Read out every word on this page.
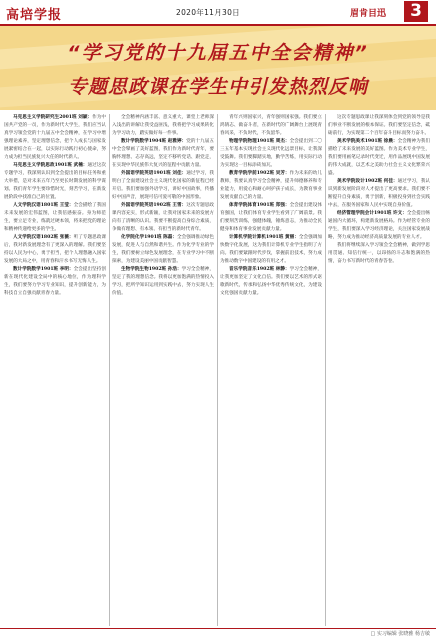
高培学报	2020年11月30日	眉肯目迅	3
“学习党的十九届五中全会精神”
专题思政课在学生中引发热烈反响

马克思主义学院研究生2001班 刘颖：作为中国共产党的一员，作为新时代大学生，我们应当认真学习领会党的十九届五中全会精神，在学习中增强理论素养，坚定理想信念，把个人成长与国家发展紧密结合在一起，以实际行动践行初心使命，努力成为担当民族复兴大任的时代新人。

马克思主义学院思政1901班 武楠：通过这次专题学习，我深刻认识到全会提出的目标任务和重大举措，是对未来五年乃至更长时期发展的科学谋划。我们青年学生要珍惜时光，刻苦学习，在新发展阶段中找准自己的位置。

人文学院汉语1801班 王莹：全会描绘了我国未来发展的宏伟蓝图，让我倍感振奋。身为师范生，要立足专业，练就过硬本领，将来把党的理论和精神传递给更多的学生。

人文学院汉语1802班 张薇：听了专题思政课后，我对新发展理念有了更深入的理解。我们要坚持以人民为中心，勇于担当，把个人理想融入国家发展的大局之中，用青春和汗水书写无悔人生。

数计学院数学1901班 李明：全会提出坚持创新在现代化建设全局中的核心地位，作为理科学生，我们要努力学习专业知识，提升创新能力，为科技自立自强贡献青春力量。

全会精神内涵丰富、意义重大，课堂上老师深入浅出的讲解让我受益匪浅，我将把学习成果转化为学习动力，踏实做好每一件事。

数计学院数学1904班 赵雅婷：党的十九届五中全会擘画了美好蓝图，我们作为新时代青年，要胸怀理想、志存高远，坚定不移听党话、跟党走，在实现中华民族伟大复兴的征程中贡献力量。

外国语学院英语1901班 刘佳：通过学习，我明白了全面建设社会主义现代化国家的新征程已经开启。我们要加强外语学习，讲好中国故事，传播好中国声音，展现可信可爱可敬的中国形象。

外国语学院英语1902班 王雪：这次专题思政课内容充实，形式新颖，让我对国家未来的发展方向有了清晰的认识。我要不断提高自身综合素质，争做有理想、有本领、有担当的新时代青年。

化学院化学1901班 陈磊：全会强调推动绿色发展，促进人与自然和谐共生。作为化学专业的学生，我们要树立绿色发展理念，在专业学习中不断探索，为建设美丽中国贡献智慧。

生物学院生物1902班 孙浩：学习全会精神，坚定了我的理想信念。我将以更加饱满的热情投入学习，把所学知识运用到实践中去，努力实现人生价值。

青年兴则国家兴，青年强则国家强。我们要立鸿鹄志、做奋斗者，在新时代的广阔舞台上展现青春风采，不负时代，不负韶华。

物理学院物理1901班 周杰：全会提出到二〇三五年基本实现社会主义现代化远景目标，让我深受鼓舞。我们要脚踏实地，勤学苦练，用实际行动为实现这一目标添砖加瓦。

教育学院学前1902班 吴芳：作为未来的幼儿教师，我要认真学习全会精神，提升师德修养和专业能力，用爱心和耐心呵护孩子成长，为教育事业发展贡献自己的力量。

体育学院体育1901班 郑强：全会提出建设体育强国，让我们体育专业学生看到了广阔前景。我们要刻苦训练，强健体魄，锤炼意志，为推动全民健身和体育事业发展贡献力量。

计算机学院计算机1901班 黄丽：全会强调加快数字化发展，这为我们计算机专业学生指明了方向。我们要紧跟时代步伐，掌握前沿技术，努力成为推动数字中国建设的有用之才。

音乐学院音乐1902班 林静：学习全会精神，让我更加坚定了文化自信。我们要以艺术的形式讴歌新时代，传承和弘扬中华优秀传统文化，为建设文化强国贡献力量。

这次专题思政课让我深刻体会到党的领导是我们事业不断发展的根本保证。我们要坚定信念，砥砺前行，为实现第二个百年奋斗目标而努力奋斗。

美术学院美术1901班 徐晨：全会精神为我们描绘了未来发展的美好蓝图。作为美术专业学生，我们要用画笔记录时代变迁，用作品展现中国发展的伟大成就，以艺术之美助力社会主义文化繁荣兴盛。

美术学院设计1902班 何佳：通过学习，我认识到新发展阶段对人才提出了更高要求。我们要不断提升自身素质，勇于创新，积极投身到社会实践中去，在服务国家和人民中实现自身价值。

经济管理学院会计1901班 许文：全会提出畅通国内大循环，构建新发展格局。作为经管专业的学生，我们要深入学习经济理论，关注国家发展战略，努力成为推动经济高质量发展的专业人才。

我们将继续深入学习领会全会精神，做到学思用贯通、知信行统一，以昂扬的斗志和饱满的热情，奋力书写新时代的青春答卷。

□ 实习编辑 张晓雅 杨吉敏
